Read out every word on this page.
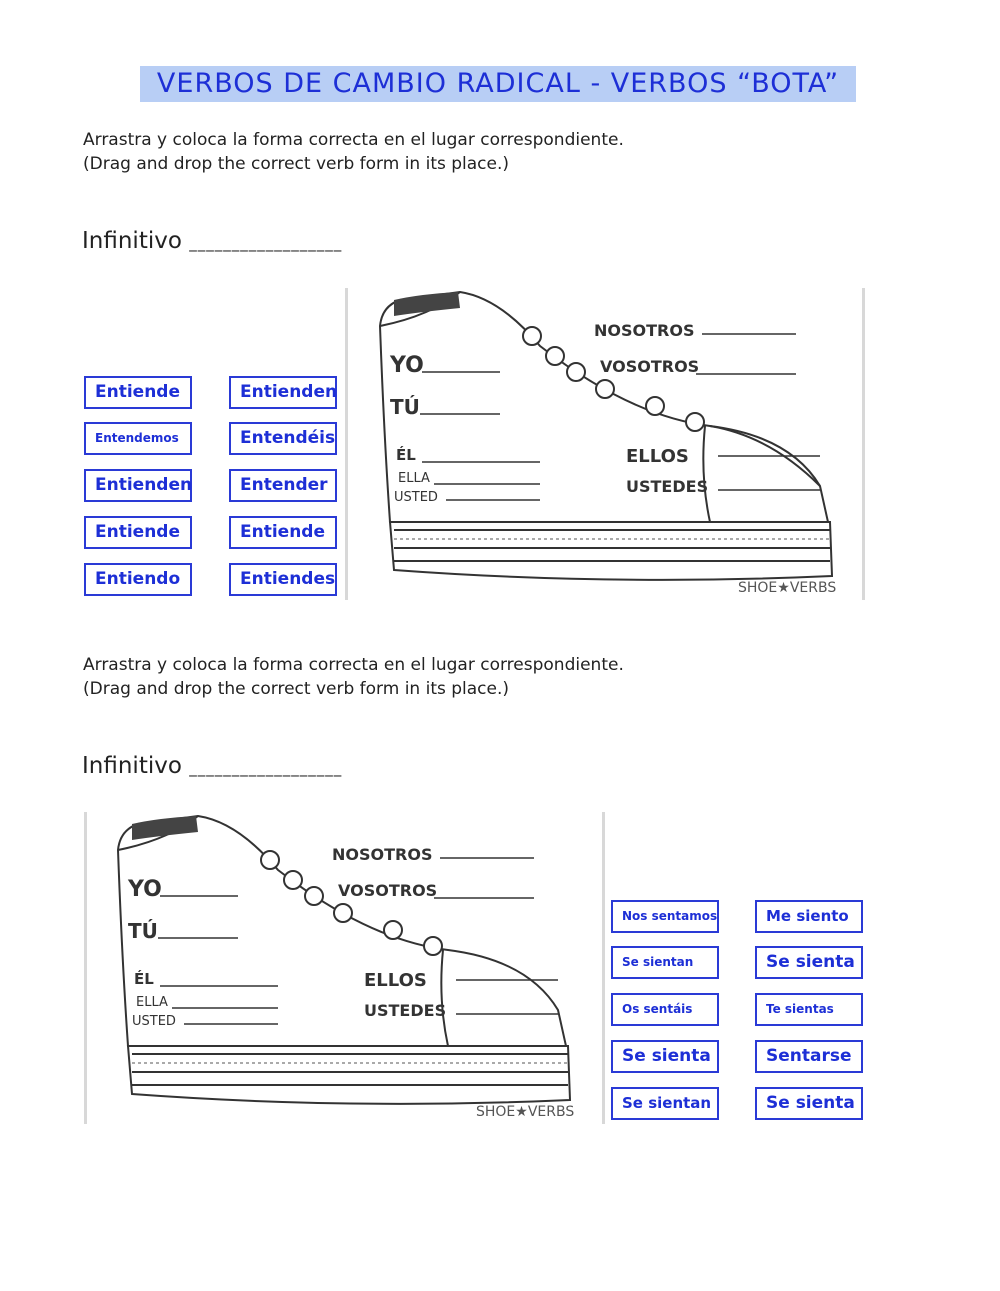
VERBOS DE CAMBIO RADICAL - VERBOS “BOTA”
Arrastra y coloca la forma correcta en el lugar correspondiente.
(Drag and drop the correct verb form in its place.)
Infinitivo __________________
Entiende	Entienden
Entendemos	Entendéis
Entienden	Entender
Entiende	Entiende
Entiendo	Entiendes
YO
TÚ
ÉL
ELLA
USTED
NOSOTROS
VOSOTROS
ELLOS
USTEDES
SHOE★VERBS
Arrastra y coloca la forma correcta en el lugar correspondiente.
(Drag and drop the correct verb form in its place.)
Infinitivo __________________
YO
TÚ
ÉL
ELLA
USTED
NOSOTROS
VOSOTROS
ELLOS
USTEDES
SHOE★VERBS
Nos sentamos	Me siento
Se sientan	Se sienta
Os sentáis	Te sientas
Se sienta	Sentarse
Se sientan	Se sienta
